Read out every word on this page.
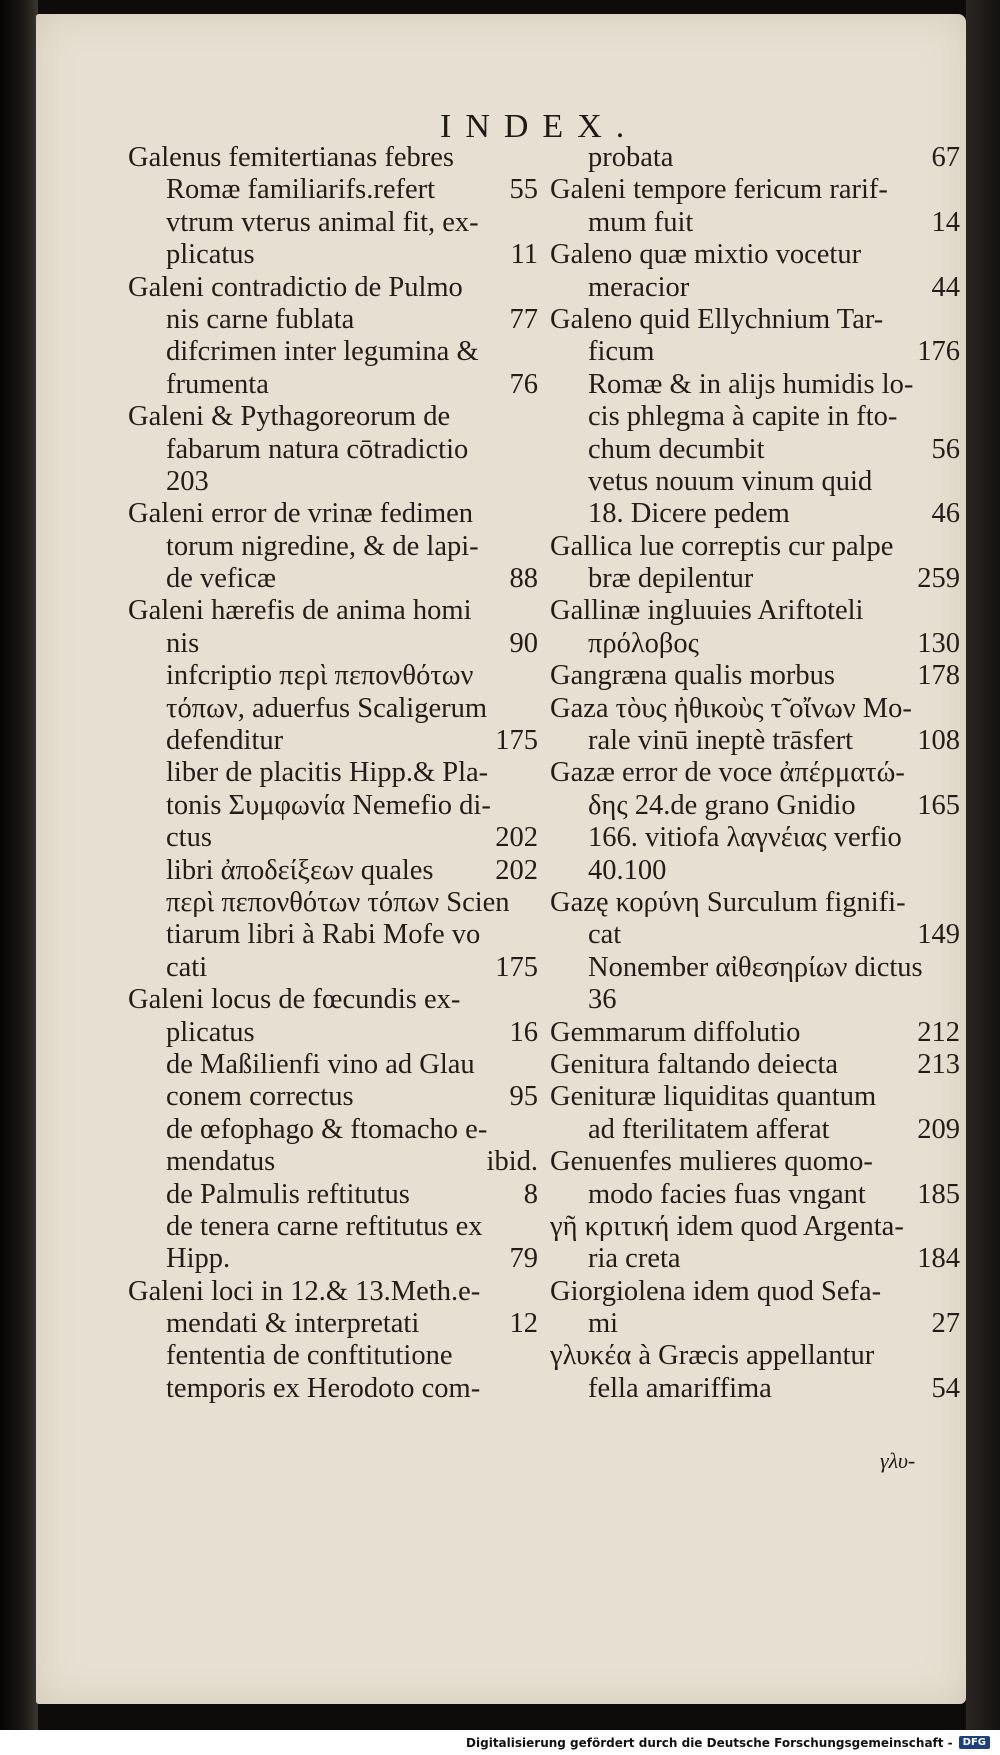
INDEX.
Galenus femitertianas febres
Romæ familiarifs.refert	55
vtrum vterus animal fit, ex-
plicatus	11
Galeni contradictio de Pulmo
nis carne fublata	77
difcrimen inter legumina &
frumenta	76
Galeni & Pythagoreorum de
fabarum natura cōtradictio
203
Galeni error de vrinæ fedimen
torum nigredine, & de lapi-
de veficæ	88
Galeni hærefis de anima homi
nis	90
infcriptio περὶ πεπονθότων
τόπων, aduerfus Scaligerum
defenditur	175
liber de placitis Hipp.& Pla-
tonis Συμφωνία Nemefio di-
ctus	202
libri ἀποδείξεων quales	202
περὶ πεπονθότων τόπων Scien
tiarum libri à Rabi Mofe vo
cati	175
Galeni locus de fœcundis ex-
plicatus	16
de Maßilienfi vino ad Glau
conem correctus	95
de œfophago & ftomacho e-
mendatus	ibid.
de Palmulis reftitutus	8
de tenera carne reftitutus ex
Hipp.	79
Galeni loci in 12.& 13.Meth.e-
mendati & interpretati	12
fententia de conftitutione
temporis ex Herodoto com-
probata	67
Galeni tempore fericum rarif-
mum fuit	14
Galeno quæ mixtio vocetur
meracior	44
Galeno quid Ellychnium Tar-
ficum	176
Romæ & in alijs humidis lo-
cis phlegma à capite in fto-
chum decumbit	56
vetus nouum vinum quid
18. Dicere pedem	46
Gallica lue correptis cur palpe
bræ depilentur	259
Gallinæ ingluuies Ariftoteli
πρόλοβος	130
Gangræna qualis morbus	178
Gaza τὸυς ἠθικοὺς τ̃ οἴνων Mo-
rale vinū ineptè trāsfert	108
Gazæ error de voce ἀπέρματώ-
δης 24.de grano Gnidio	165
166. vitiofa λαγνέιας verfio
40.100
Gazę κορύνη Surculum fignifi-
cat	149
Nonember αἰθεσηρίων dictus
36
Gemmarum diffolutio	212
Genitura faltando deiecta	213
Genituræ liquiditas quantum
ad fterilitatem afferat	209
Genuenfes mulieres quomo-
modo facies fuas vngant	185
γῆ κριτική idem quod Argenta-
ria creta	184
Giorgiolena idem quod Sefa-
mi	27
γλυκέα à Græcis appellantur
fella amariffima	54
γλυ-
Digitalisierung gefördert durch die Deutsche Forschungsgemeinschaft -	DFG
